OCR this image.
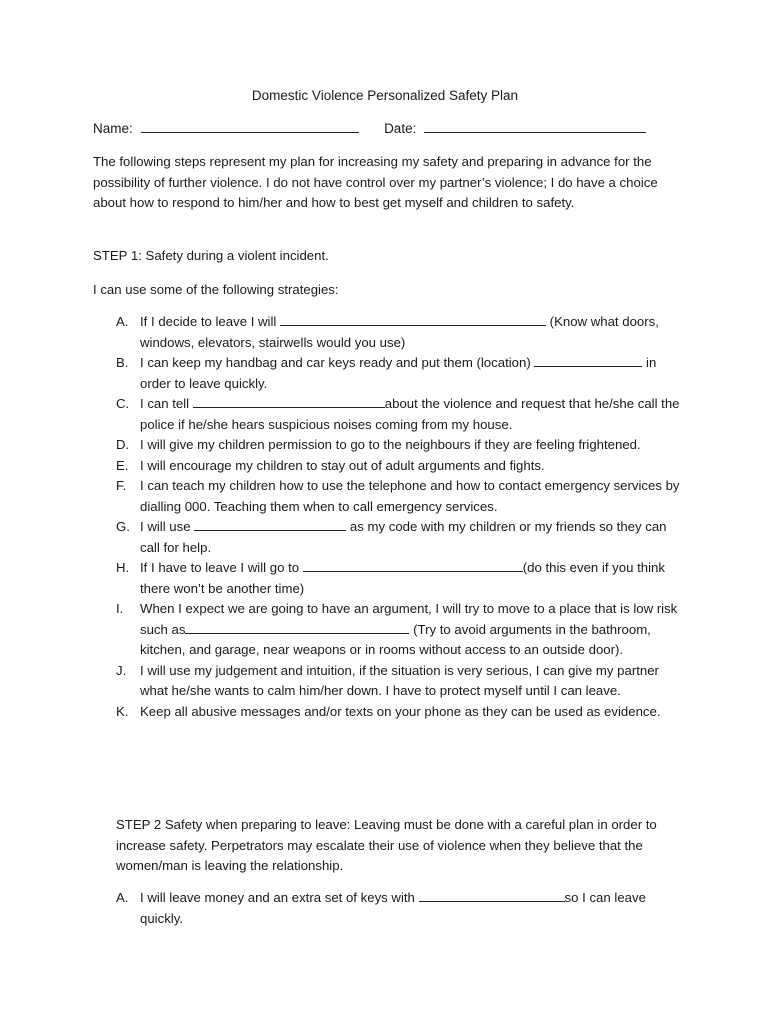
Domestic Violence Personalized Safety Plan
Name:	Date:
The following steps represent my plan for increasing my safety and preparing in advance for the possibility of further violence. I do not have control over my partner’s violence; I do have a choice about how to respond to him/her and how to best get myself and children to safety.
STEP 1: Safety during a violent incident.
I can use some of the following strategies:
A. If I decide to leave I will	(Know what doors, windows, elevators, stairwells would you use)
B. I can keep my handbag and car keys ready and put them (location)	in order to leave quickly.
C. I can tell	about the violence and request that he/she call the police if he/she hears suspicious noises coming from my house.
D. I will give my children permission to go to the neighbours if they are feeling frightened.
E. I will encourage my children to stay out of adult arguments and fights.
F. I can teach my children how to use the telephone and how to contact emergency services by dialling 000. Teaching them when to call emergency services.
G. I will use	as my code with my children or my friends so they can call for help.
H. If I have to leave I will go to	(do this even if you think there won’t be another time)
I. When I expect we are going to have an argument, I will try to move to a place that is low risk such as	(Try to avoid arguments in the bathroom, kitchen, and garage, near weapons or in rooms without access to an outside door).
J. I will use my judgement and intuition, if the situation is very serious, I can give my partner what he/she wants to calm him/her down. I have to protect myself until I can leave.
K. Keep all abusive messages and/or texts on your phone as they can be used as evidence.
STEP 2 Safety when preparing to leave: Leaving must be done with a careful plan in order to increase safety. Perpetrators may escalate their use of violence when they believe that the women/man is leaving the relationship.
A. I will leave money and an extra set of keys with	so I can leave quickly.
